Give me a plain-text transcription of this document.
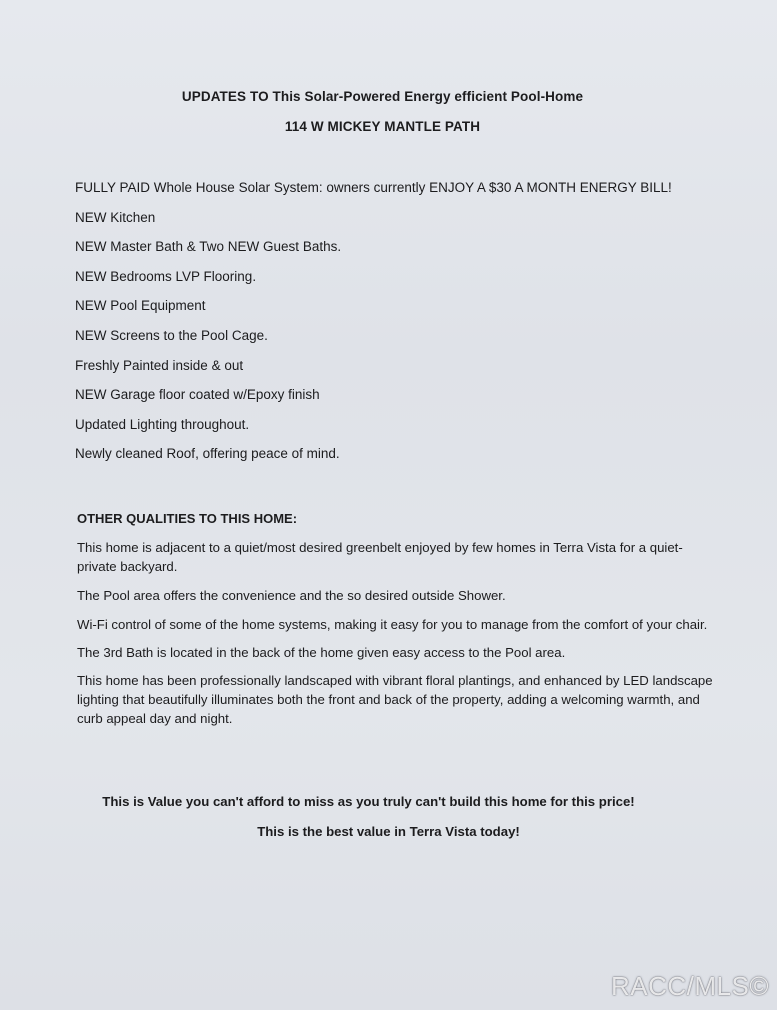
UPDATES TO This Solar-Powered Energy efficient Pool-Home
114 W MICKEY MANTLE PATH
FULLY PAID Whole House Solar System: owners currently ENJOY A $30 A MONTH ENERGY BILL!
NEW Kitchen
NEW Master Bath & Two NEW Guest Baths.
NEW Bedrooms LVP Flooring.
NEW Pool Equipment
NEW Screens to the Pool Cage.
Freshly Painted inside & out
NEW Garage floor coated w/Epoxy finish
Updated Lighting throughout.
Newly cleaned Roof, offering peace of mind.
OTHER QUALITIES TO THIS HOME:
This home is adjacent to a quiet/most desired greenbelt enjoyed by few homes in Terra Vista for a quiet-private backyard.
The Pool area offers the convenience and the so desired outside Shower.
Wi-Fi control of some of the home systems, making it easy for you to manage from the comfort of your chair.
The 3rd Bath is located in the back of the home given easy access to the Pool area.
This home has been professionally landscaped with vibrant floral plantings, and enhanced by LED landscape lighting that beautifully illuminates both the front and back of the property, adding a welcoming warmth, and curb appeal day and night.
This is Value you can't afford to miss as you truly can't build this home for this price!
This is the best value in Terra Vista today!
RACC/MLS©
